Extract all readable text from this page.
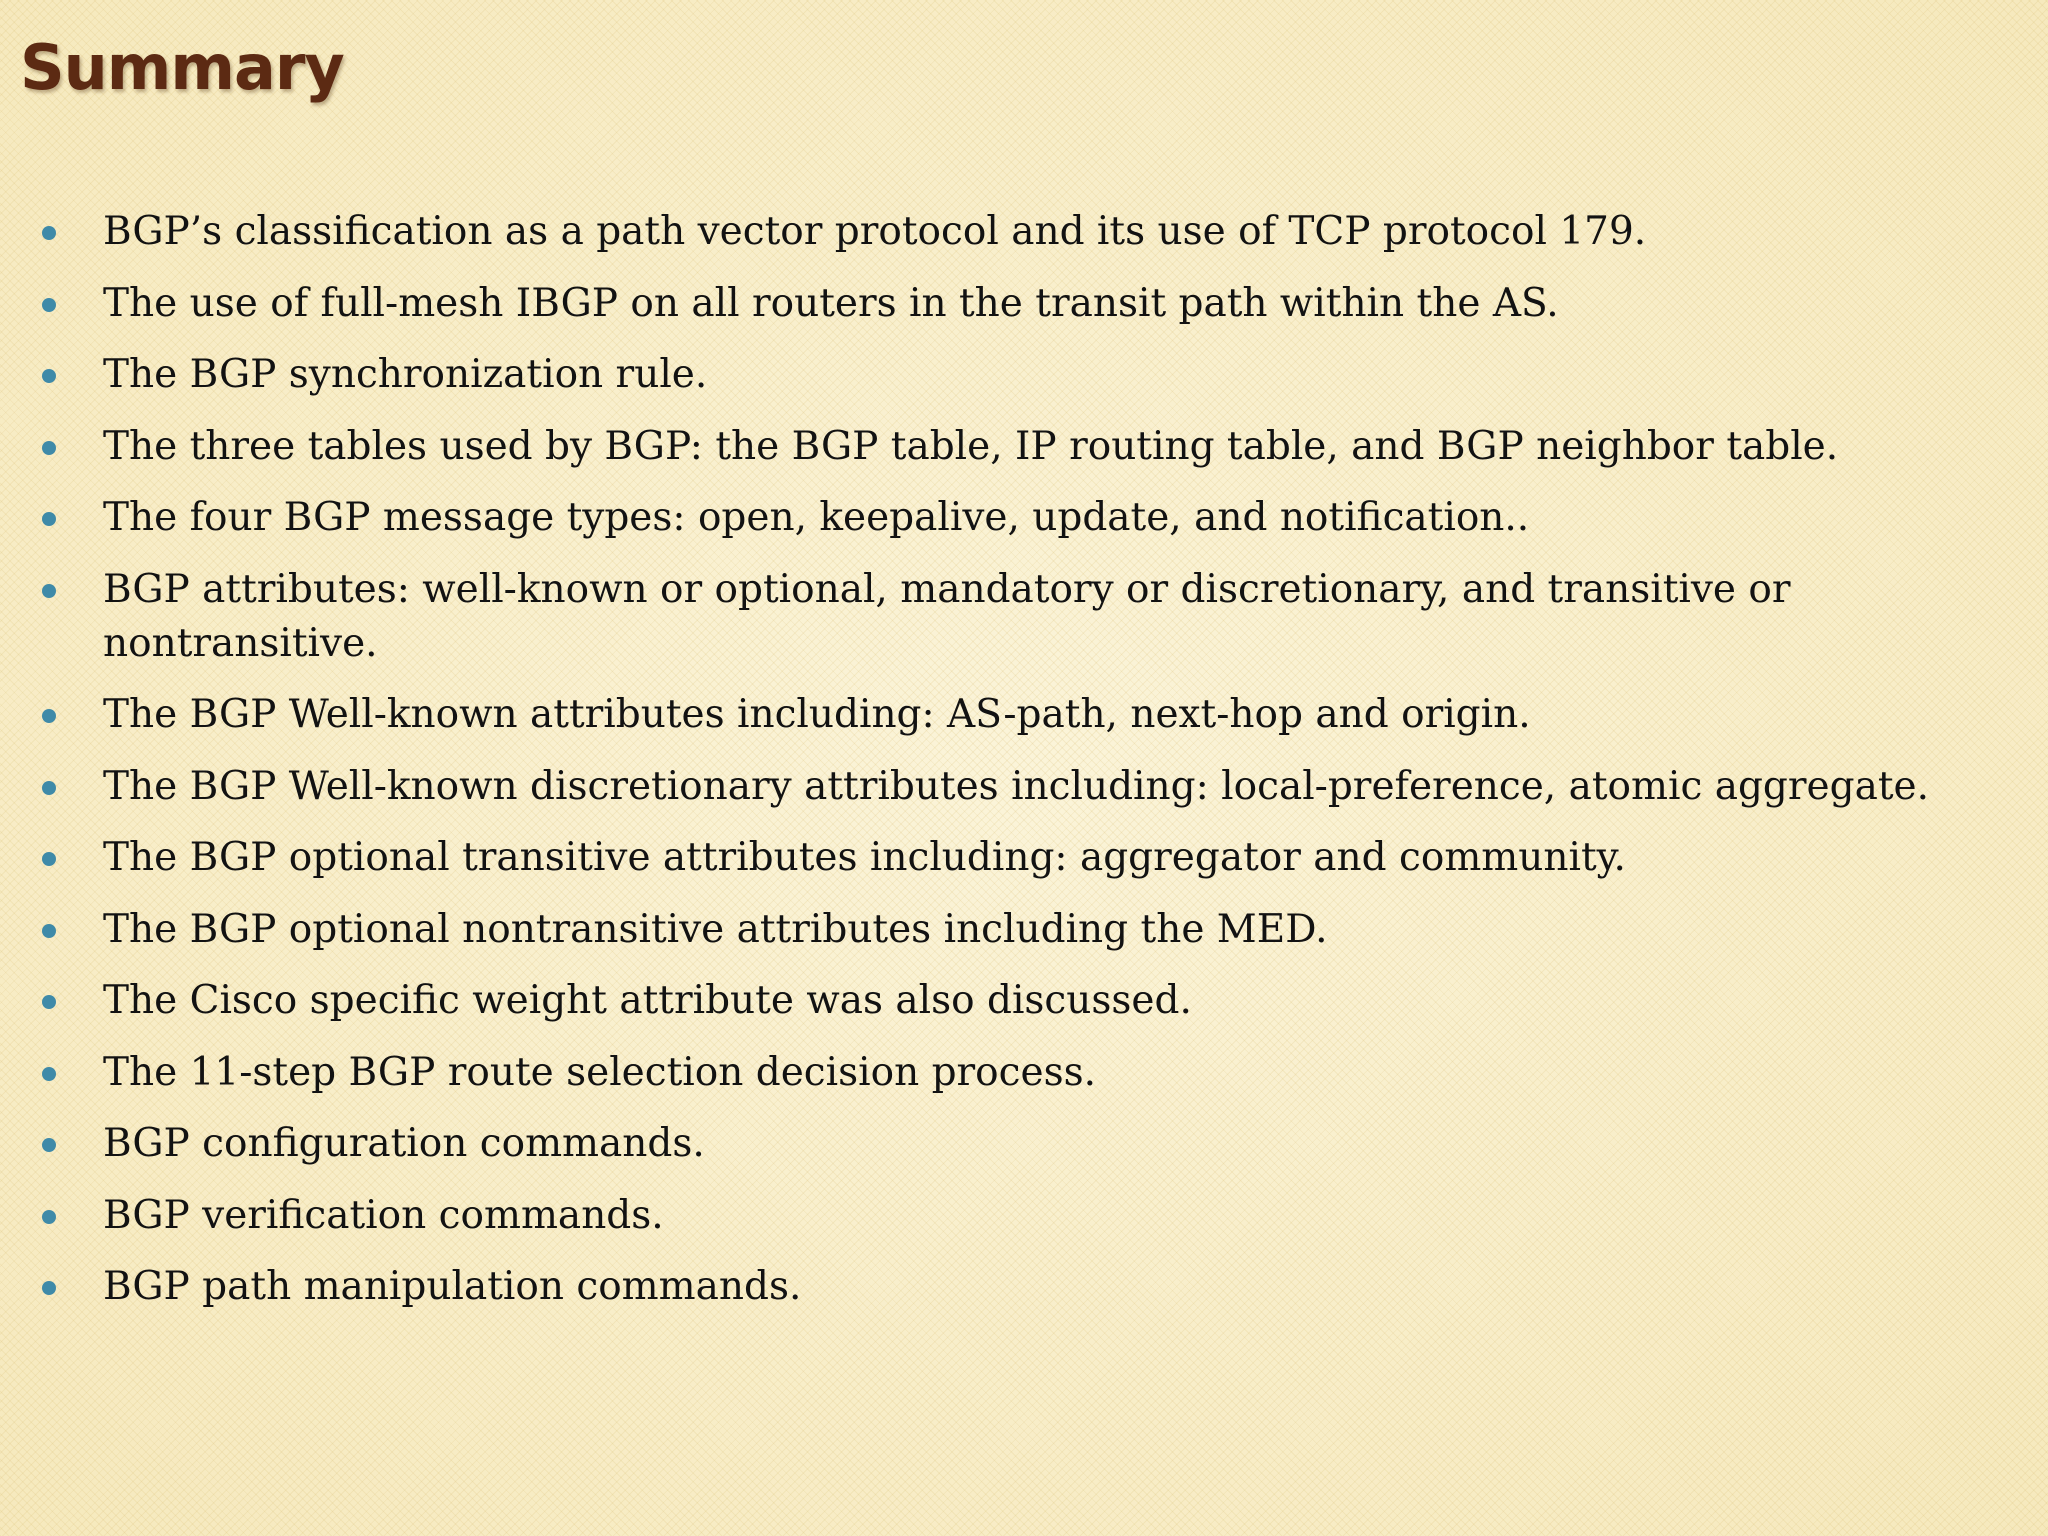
Summary
BGP’s classification as a path vector protocol and its use of TCP protocol 179.
The use of full-mesh IBGP on all routers in the transit path within the AS.
The BGP synchronization rule.
The three tables used by BGP: the BGP table, IP routing table, and BGP neighbor table.
The four BGP message types: open, keepalive, update, and notification..
BGP attributes: well-known or optional, mandatory or discretionary, and transitive or nontransitive.
The BGP Well-known attributes including: AS-path, next-hop and origin.
The BGP Well-known discretionary attributes including: local-preference, atomic aggregate.
The BGP optional transitive attributes including: aggregator and community.
The BGP optional nontransitive attributes including the MED.
The Cisco specific weight attribute was also discussed.
The 11-step BGP route selection decision process.
BGP configuration commands.
BGP verification commands.
BGP path manipulation commands.
